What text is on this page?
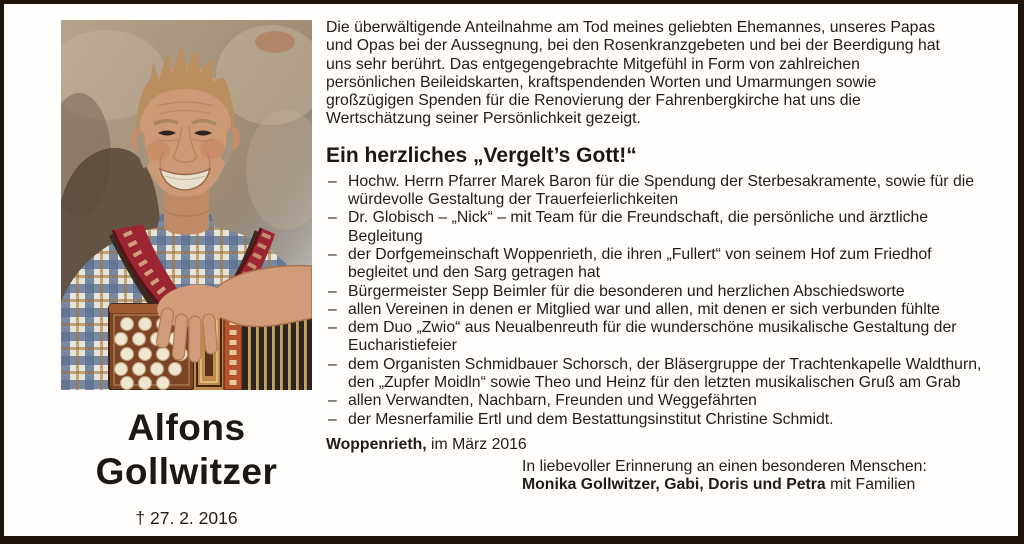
Alfons
Gollwitzer
† 27. 2. 2016

Die überwältigende Anteilnahme am Tod meines geliebten Ehemannes, unseres Papas und Opas bei der Aussegnung, bei den Rosenkranzgebeten und bei der Beerdigung hat uns sehr berührt. Das entgegengebrachte Mitgefühl in Form von zahlreichen persönlichen Beileidskarten, kraftspendenden Worten und Umarmungen sowie großzügigen Spenden für die Renovierung der Fahrenbergkirche hat uns die Wertschätzung seiner Persönlichkeit gezeigt.

Ein herzliches „Vergelt’s Gott!“
– Hochw. Herrn Pfarrer Marek Baron für die Spendung der Sterbesakramente, sowie für die würdevolle Gestaltung der Trauerfeierlichkeiten
– Dr. Globisch – „Nick“ – mit Team für die Freundschaft, die persönliche und ärztliche Begleitung
– der Dorfgemeinschaft Woppenrieth, die ihren „Fullert“ von seinem Hof zum Friedhof begleitet und den Sarg getragen hat
– Bürgermeister Sepp Beimler für die besonderen und herzlichen Abschiedsworte
– allen Vereinen in denen er Mitglied war und allen, mit denen er sich verbunden fühlte
– dem Duo „Zwio“ aus Neualbenreuth für die wunderschöne musikalische Gestaltung der Eucharistiefeier
– dem Organisten Schmidbauer Schorsch, der Bläsergruppe der Trachtenkapelle Waldthurn, den „Zupfer Moidln“ sowie Theo und Heinz für den letzten musikalischen Gruß am Grab
– allen Verwandten, Nachbarn, Freunden und Weggefährten
– der Mesnerfamilie Ertl und dem Bestattungsinstitut Christine Schmidt.

Woppenrieth, im März 2016

In liebevoller Erinnerung an einen besonderen Menschen:

Monika Gollwitzer, Gabi, Doris und Petra mit Familien
